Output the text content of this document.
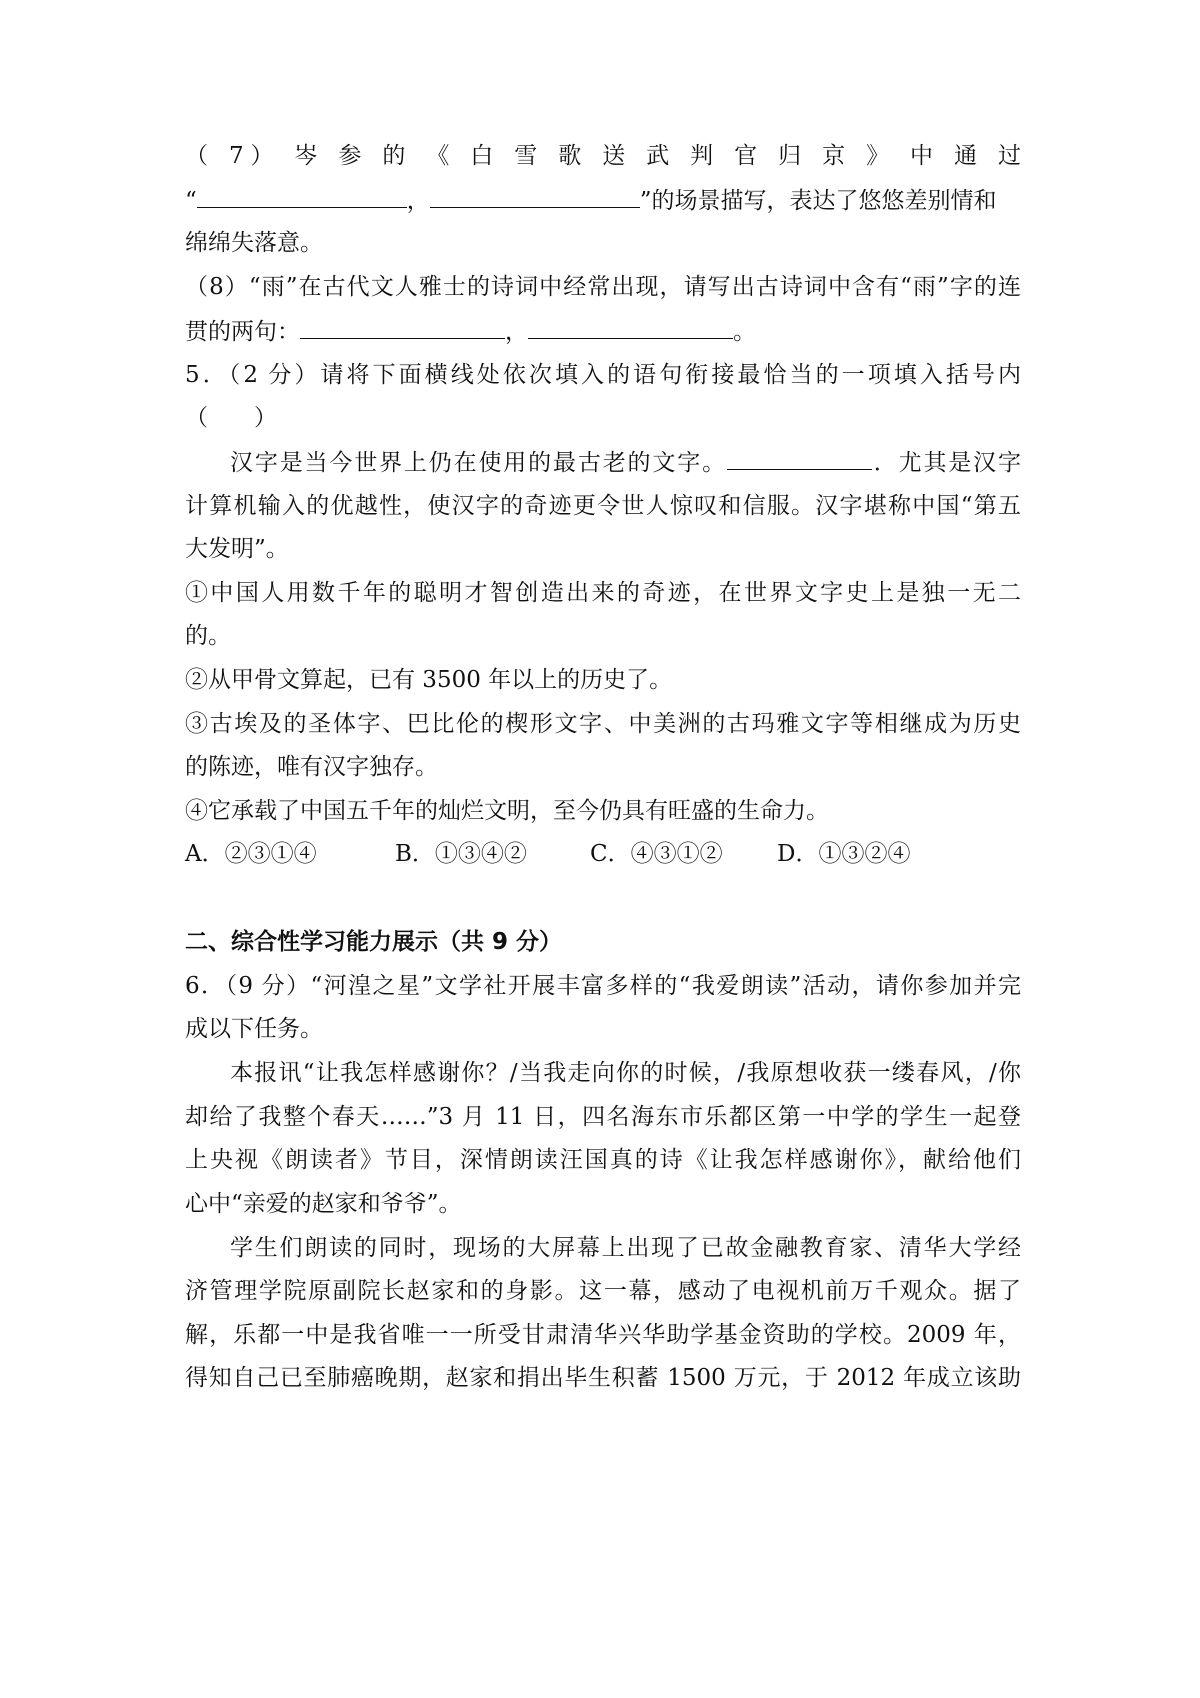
（ 7） 岑 参 的 《 白 雪 歌 送 武 判 官 归 京 》 中 通 过
“	，	”的场景描写，表达了悠悠差别情和
绵绵失落意。
（8）“雨”在古代文人雅士的诗词中经常出现，请写出古诗词中含有“雨”字的连
贯的两句：	，	。
5．（2 分）请将下面横线处依次填入的语句衔接最恰当的一项填入括号内
（　　）
汉字是当今世界上仍在使用的最古老的文字。	．尤其是汉字
计算机输入的优越性，使汉字的奇迹更令世人惊叹和信服。汉字堪称中国“第五
大发明”。
①中国人用数千年的聪明才智创造出来的奇迹，在世界文字史上是独一无二
的。
②从甲骨文算起，已有 3500 年以上的历史了。
③古埃及的圣体字、巴比伦的楔形文字、中美洲的古玛雅文字等相继成为历史
的陈迹，唯有汉字独存。
④它承载了中国五千年的灿烂文明，至今仍具有旺盛的生命力。
A．②③①④	B．①③④②	C．④③①② D．①③②④
二、综合性学习能力展示（共 9 分）
6．（9 分）“河湟之星”文学社开展丰富多样的“我爱朗读”活动，请你参加并完
成以下任务。
本报讯“让我怎样感谢你？/当我走向你的时候，/我原想收获一缕春风，/你
却给了我整个春天……”3 月 11 日，四名海东市乐都区第一中学的学生一起登
上央视《朗读者》节目，深情朗读汪国真的诗《让我怎样感谢你》，献给他们
心中“亲爱的赵家和爷爷”。
学生们朗读的同时，现场的大屏幕上出现了已故金融教育家、清华大学经
济管理学院原副院长赵家和的身影。这一幕，感动了电视机前万千观众。据了
解，乐都一中是我省唯一一所受甘肃清华兴华助学基金资助的学校。2009 年，
得知自己已至肺癌晚期，赵家和捐出毕生积蓄 1500 万元，于 2012 年成立该助
